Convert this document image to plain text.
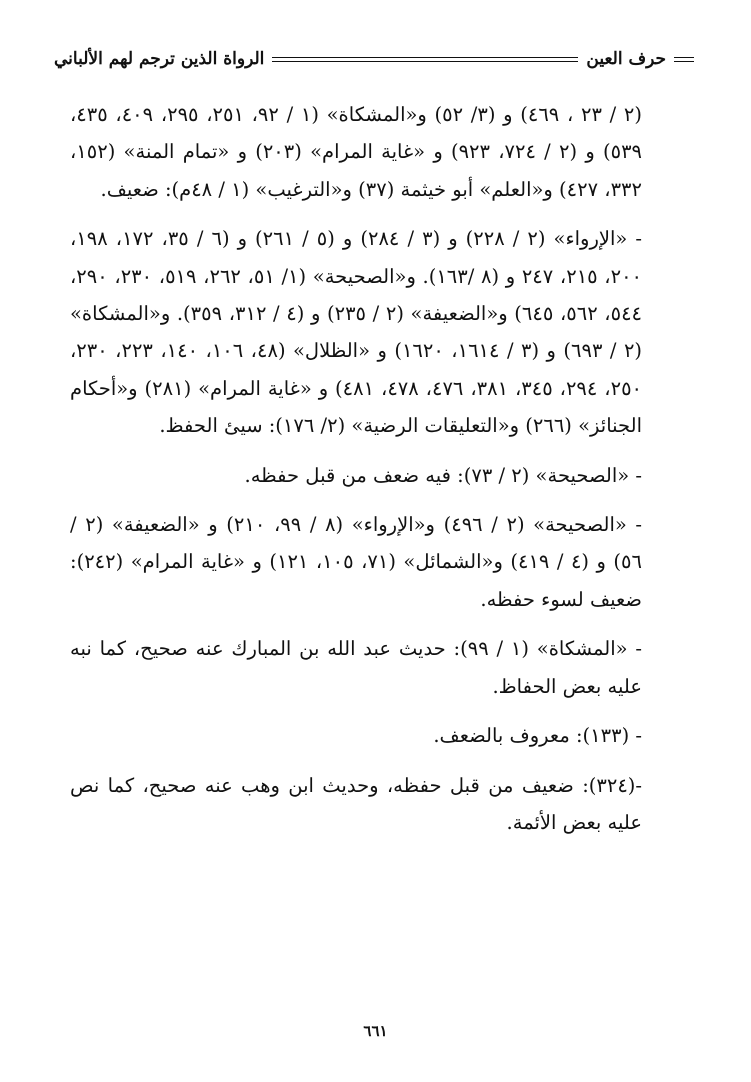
حرف العين
الرواة الذين ترجم لهم الألباني

(٢ / ٢٣ ، ٤٦٩) و (٣/ ٥٢) و«المشكاة» (١ / ٩٢، ٢٥١، ٢٩٥، ٤٠٩، ٤٣٥، ٥٣٩) و (٢ / ٧٢٤، ٩٢٣) و «غاية المرام» (٢٠٣) و «تمام المنة» (١٥٢، ٣٣٢، ٤٢٧) و«العلم» أبو خيثمة (٣٧) و«الترغيب» (١ / ٤٨م): ضعيف.

- «الإرواء» (٢ / ٢٢٨) و (٣ / ٢٨٤) و (٥ / ٢٦١) و (٦ / ٣٥، ١٧٢، ١٩٨، ٢٠٠، ٢١٥، ٢٤٧ و (٨ /١٦٣). و«الصحيحة» (١/ ٥١، ٢٦٢، ٥١٩، ٢٣٠، ٢٩٠، ٥٤٤، ٥٦٢، ٦٤٥) و«الضعيفة» (٢ / ٢٣٥) و (٤ / ٣١٢، ٣٥٩). و«المشكاة» (٢ / ٦٩٣) و (٣ / ١٦١٤، ١٦٢٠) و «الظلال» (٤٨، ١٠٦، ١٤٠، ٢٢٣، ٢٣٠، ٢٥٠، ٢٩٤، ٣٤٥، ٣٨١، ٤٧٦، ٤٧٨، ٤٨١) و «غاية المرام» (٢٨١) و«أحكام الجنائز» (٢٦٦) و«التعليقات الرضية» (٢/ ١٧٦): سيئ الحفظ.

- «الصحيحة» (٢ / ٧٣): فيه ضعف من قبل حفظه.

- «الصحيحة» (٢ / ٤٩٦) و«الإرواء» (٨ / ٩٩، ٢١٠) و «الضعيفة» (٢ / ٥٦) و (٤ / ٤١٩) و«الشمائل» (٧١، ١٠٥، ١٢١) و «غاية المرام» (٢٤٢): ضعيف لسوء حفظه.

- «المشكاة» (١ / ٩٩): حديث عبد الله بن المبارك عنه صحيح، كما نبه عليه بعض الحفاظ.

- (١٣٣): معروف بالضعف.

-(٣٢٤): ضعيف من قبل حفظه، وحديث ابن وهب عنه صحيح، كما نص عليه بعض الأئمة.

٦٦١
